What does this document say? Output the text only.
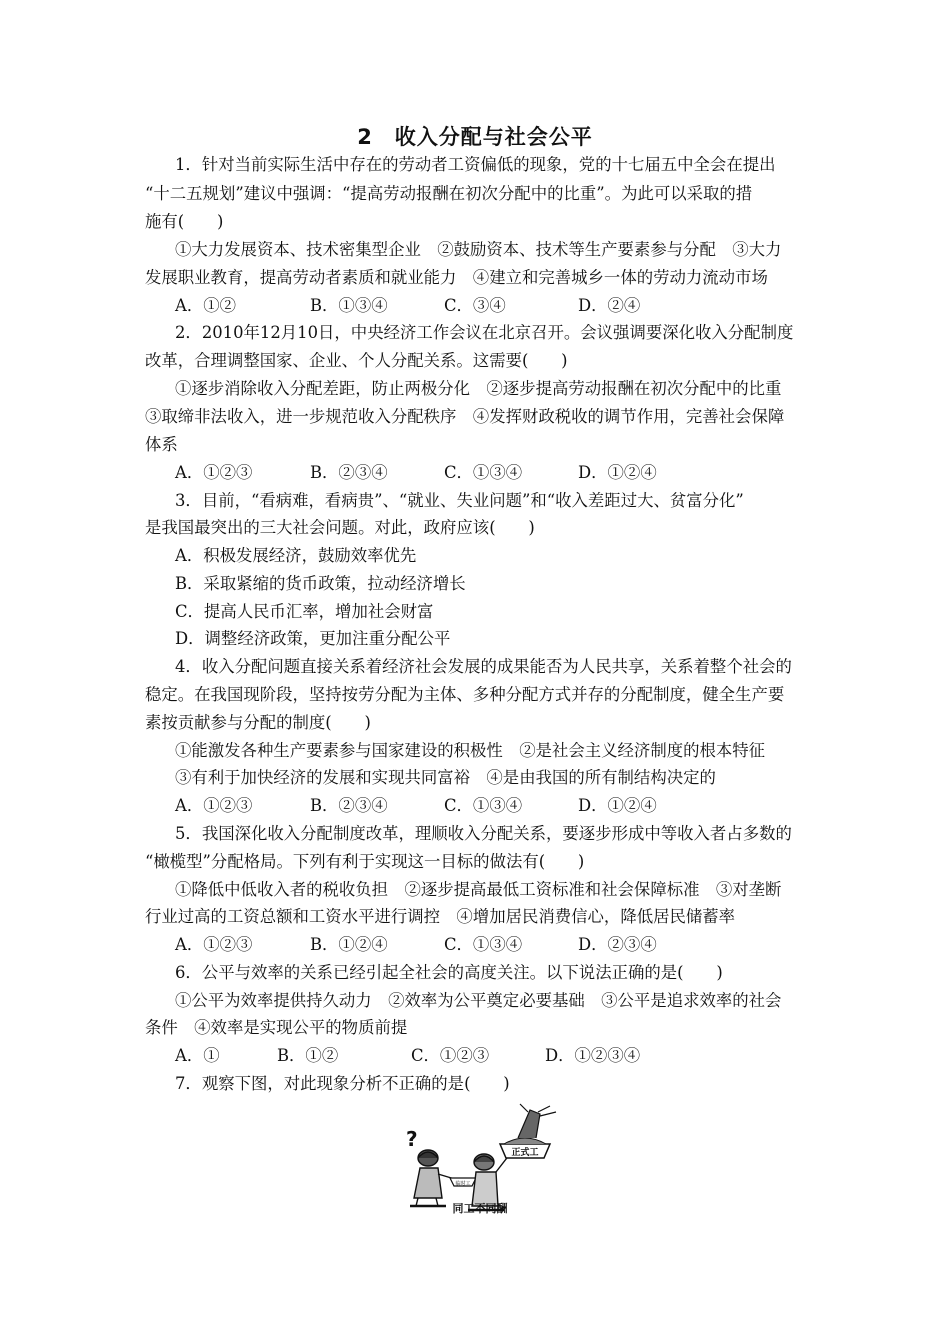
2　收入分配与社会公平
1．针对当前实际生活中存在的劳动者工资偏低的现象，党的十七届五中全会在提出
“十二五规划”建议中强调：“提高劳动报酬在初次分配中的比重”。为此可以采取的措
施有(　　)
①大力发展资本、技术密集型企业　②鼓励资本、技术等生产要素参与分配　③大力
发展职业教育，提高劳动者素质和就业能力　④建立和完善城乡一体的劳动力流动市场
A．①②	B．①③④	C．③④	D．②④
2．2010年12月10日，中央经济工作会议在北京召开。会议强调要深化收入分配制度
改革，合理调整国家、企业、个人分配关系。这需要(　　)
①逐步消除收入分配差距，防止两极分化　②逐步提高劳动报酬在初次分配中的比重
③取缔非法收入，进一步规范收入分配秩序　④发挥财政税收的调节作用，完善社会保障
体系
A．①②③	B．②③④	C．①③④	D．①②④
3．目前，“看病难，看病贵”、“就业、失业问题”和“收入差距过大、贫富分化”
是我国最突出的三大社会问题。对此，政府应该(　　)
A．积极发展经济，鼓励效率优先
B．采取紧缩的货币政策，拉动经济增长
C．提高人民币汇率，增加社会财富
D．调整经济政策，更加注重分配公平
4．收入分配问题直接关系着经济社会发展的成果能否为人民共享，关系着整个社会的
稳定。在我国现阶段，坚持按劳分配为主体、多种分配方式并存的分配制度，健全生产要
素按贡献参与分配的制度(　　)
①能激发各种生产要素参与国家建设的积极性　②是社会主义经济制度的根本特征
③有利于加快经济的发展和实现共同富裕　④是由我国的所有制结构决定的
A．①②③	B．②③④	C．①③④	D．①②④
5．我国深化收入分配制度改革，理顺收入分配关系，要逐步形成中等收入者占多数的
“橄榄型”分配格局。下列有利于实现这一目标的做法有(　　)
①降低中低收入者的税收负担　②逐步提高最低工资标准和社会保障标准　③对垄断
行业过高的工资总额和工资水平进行调控　④增加居民消费信心，降低居民储蓄率
A．①②③	B．①②④	C．①③④	D．②③④
6．公平与效率的关系已经引起全社会的高度关注。以下说法正确的是(　　)
①公平为效率提供持久动力　②效率为公平奠定必要基础　③公平是追求效率的社会
条件　④效率是实现公平的物质前提
A．①	B．①②	C．①②③	D．①②③④
7．观察下图，对此现象分析不正确的是(　　)
?
临时工
正式工
同工不同酬
